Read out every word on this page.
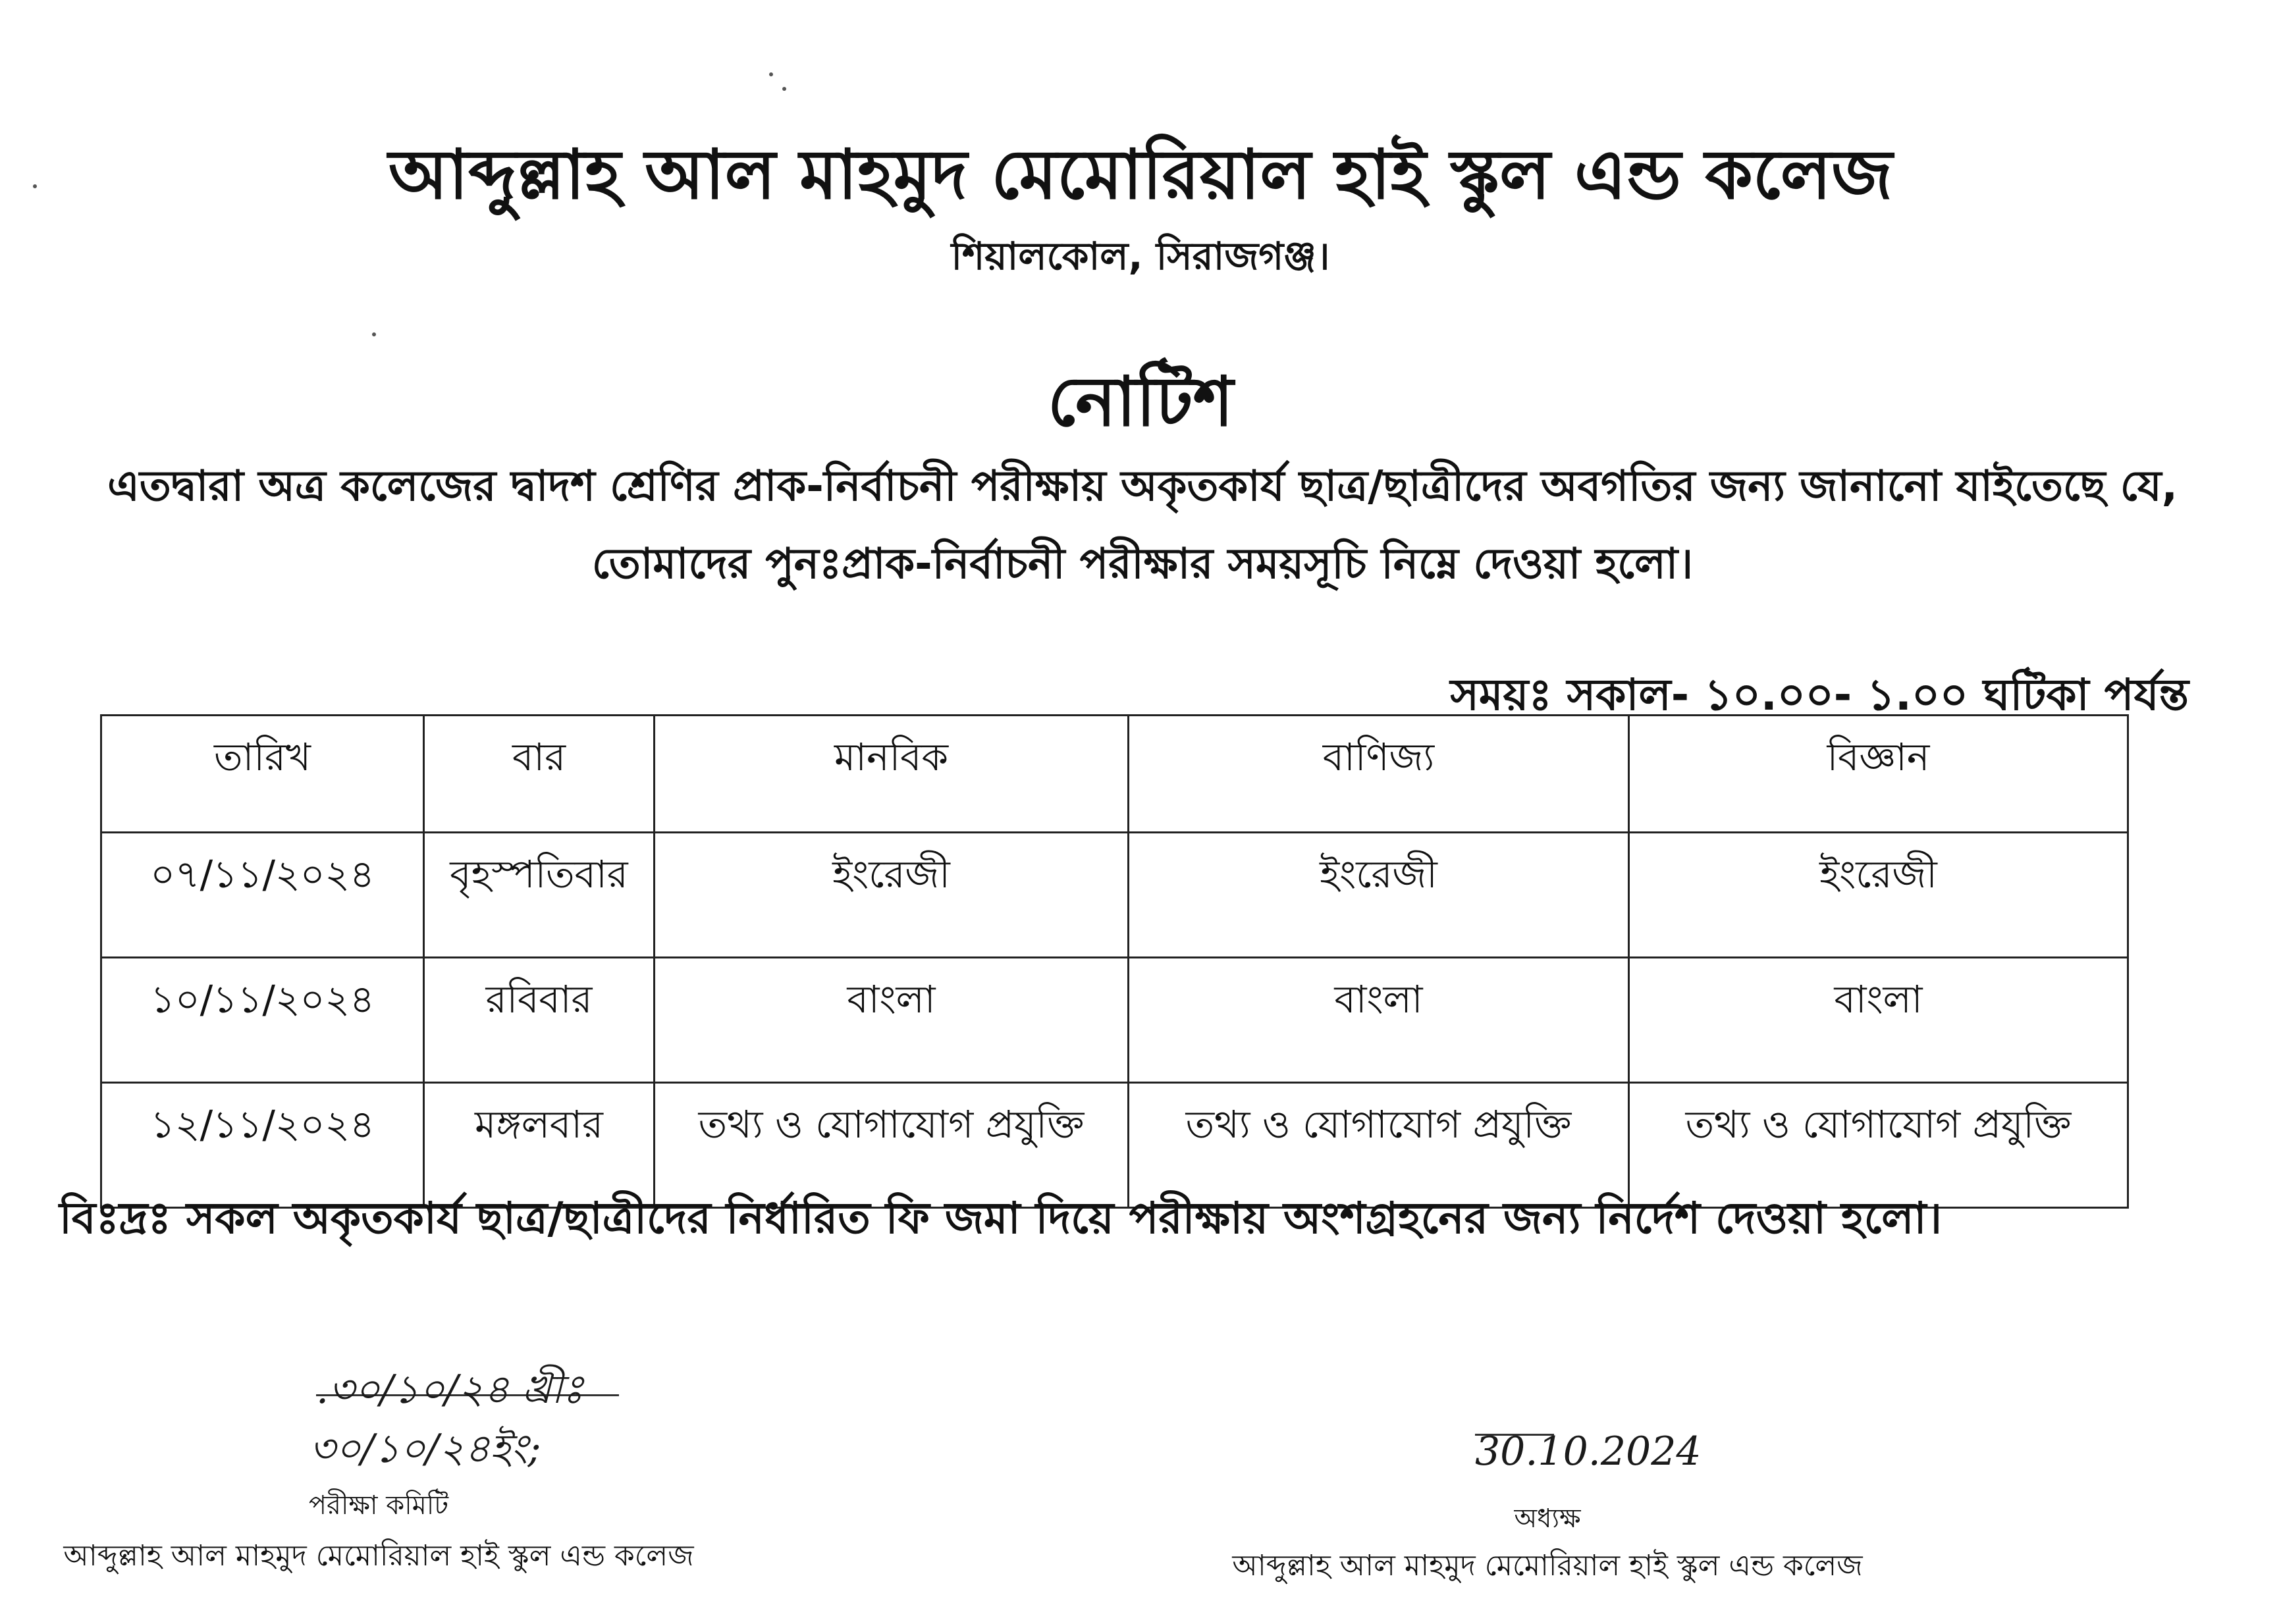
আব্দুল্লাহ আল মাহমুদ মেমোরিয়াল হাই স্কুল এন্ড কলেজ
শিয়ালকোল, সিরাজগঞ্জ।
নোটিশ
এতদ্বারা অত্র কলেজের দ্বাদশ শ্রেণির প্রাক-নির্বাচনী পরীক্ষায় অকৃতকার্য ছাত্র/ছাত্রীদের অবগতির জন্য জানানো যাইতেছে যে, তোমাদের পুনঃপ্রাক-নির্বাচনী পরীক্ষার সময়সূচি নিম্নে দেওয়া হলো।
সময়ঃ সকাল- ১০.০০- ১.০০ ঘটিকা পর্যন্ত
তারিখ	বার	মানবিক	বাণিজ্য	বিজ্ঞান
০৭/১১/২০২৪	বৃহস্পতিবার	ইংরেজী	ইংরেজী	ইংরেজী
১০/১১/২০২৪	রবিবার	বাংলা	বাংলা	বাংলা
১২/১১/২০২৪	মঙ্গলবার	তথ্য ও যোগাযোগ প্রযুক্তি	তথ্য ও যোগাযোগ প্রযুক্তি	তথ্য ও যোগাযোগ প্রযুক্তি
বিঃদ্রঃ সকল অকৃতকার্য ছাত্র/ছাত্রীদের নির্ধারিত ফি জমা দিয়ে পরীক্ষায় অংশগ্রহনের জন্য নির্দেশ দেওয়া হলো।
.৩০/১০/২৪ খ্রীঃ
৩০/১০/২৪ইং;
পরীক্ষা কমিটি
আব্দুল্লাহ আল মাহমুদ মেমোরিয়াল হাই স্কুল এন্ড কলেজ
30.10.2024
অধ্যক্ষ
আব্দুল্লাহ আল মাহমুদ মেমোরিয়াল হাই স্কুল এন্ড কলেজ
